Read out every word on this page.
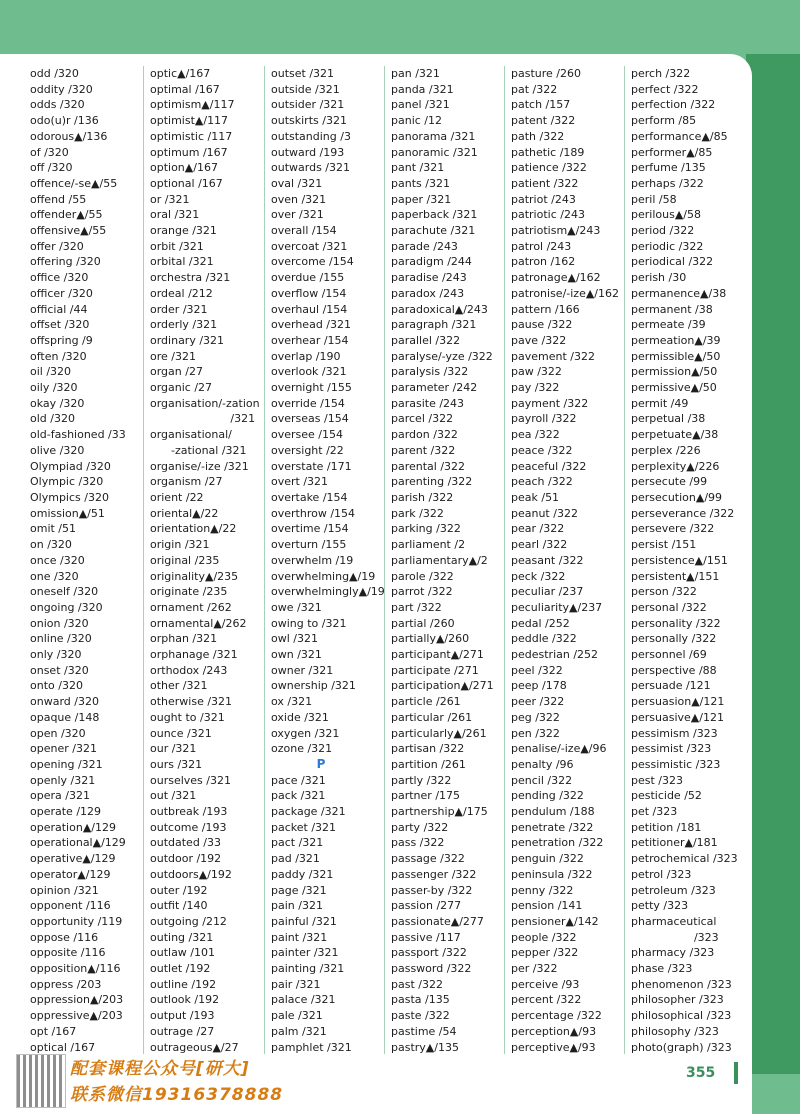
odd /320
oddity /320
odds /320
odo(u)r /136
odorous▲/136
of /320
off /320
offence/-se▲/55
offend /55
offender▲/55
offensive▲/55
offer /320
offering /320
office /320
officer /320
official /44
offset /320
offspring /9
often /320
oil /320
oily /320
okay /320
old /320
old-fashioned /33
olive /320
Olympiad /320
Olympic /320
Olympics /320
omission▲/51
omit /51
on /320
once /320
one /320
oneself /320
ongoing /320
onion /320
online /320
only /320
onset /320
onto /320
onward /320
opaque /148
open /320
opener /321
opening /321
openly /321
opera /321
operate /129
operation▲/129
operational▲/129
operative▲/129
operator▲/129
opinion /321
opponent /116
opportunity /119
oppose /116
opposite /116
opposition▲/116
oppress /203
oppression▲/203
oppressive▲/203
opt /167
optical /167
optic▲/167
optimal /167
optimism▲/117
optimist▲/117
optimistic /117
optimum /167
option▲/167
optional /167
or /321
oral /321
orange /321
orbit /321
orbital /321
orchestra /321
ordeal /212
order /321
orderly /321
ordinary /321
ore /321
organ /27
organic /27
organisation/-zation
/321
organisational/
-zational /321
organise/-ize /321
organism /27
orient /22
oriental▲/22
orientation▲/22
origin /321
original /235
originality▲/235
originate /235
ornament /262
ornamental▲/262
orphan /321
orphanage /321
orthodox /243
other /321
otherwise /321
ought to /321
ounce /321
our /321
ours /321
ourselves /321
out /321
outbreak /193
outcome /193
outdated /33
outdoor /192
outdoors▲/192
outer /192
outfit /140
outgoing /212
outing /321
outlaw /101
outlet /192
outline /192
outlook /192
output /193
outrage /27
outrageous▲/27
outset /321
outside /321
outsider /321
outskirts /321
outstanding /3
outward /193
outwards /321
oval /321
oven /321
over /321
overall /154
overcoat /321
overcome /154
overdue /155
overflow /154
overhaul /154
overhead /321
overhear /154
overlap /190
overlook /321
overnight /155
override /154
overseas /154
oversee /154
oversight /22
overstate /171
overt /321
overtake /154
overthrow /154
overtime /154
overturn /155
overwhelm /19
overwhelming▲/19
overwhelmingly▲/19
owe /321
owing to /321
owl /321
own /321
owner /321
ownership /321
ox /321
oxide /321
oxygen /321
ozone /321
P
pace /321
pack /321
package /321
packet /321
pact /321
pad /321
paddy /321
page /321
pain /321
painful /321
paint /321
painter /321
painting /321
pair /321
palace /321
pale /321
palm /321
pamphlet /321
pan /321
panda /321
panel /321
panic /12
panorama /321
panoramic /321
pant /321
pants /321
paper /321
paperback /321
parachute /321
parade /243
paradigm /244
paradise /243
paradox /243
paradoxical▲/243
paragraph /321
parallel /322
paralyse/-yze /322
paralysis /322
parameter /242
parasite /243
parcel /322
pardon /322
parent /322
parental /322
parenting /322
parish /322
park /322
parking /322
parliament /2
parliamentary▲/2
parole /322
parrot /322
part /322
partial /260
partially▲/260
participant▲/271
participate /271
participation▲/271
particle /261
particular /261
particularly▲/261
partisan /322
partition /261
partly /322
partner /175
partnership▲/175
party /322
pass /322
passage /322
passenger /322
passer-by /322
passion /277
passionate▲/277
passive /117
passport /322
password /322
past /322
pasta /135
paste /322
pastime /54
pastry▲/135
pasture /260
pat /322
patch /157
patent /322
path /322
pathetic /189
patience /322
patient /322
patriot /243
patriotic /243
patriotism▲/243
patrol /243
patron /162
patronage▲/162
patronise/-ize▲/162
pattern /166
pause /322
pave /322
pavement /322
paw /322
pay /322
payment /322
payroll /322
pea /322
peace /322
peaceful /322
peach /322
peak /51
peanut /322
pear /322
pearl /322
peasant /322
peck /322
peculiar /237
peculiarity▲/237
pedal /252
peddle /322
pedestrian /252
peel /322
peep /178
peer /322
peg /322
pen /322
penalise/-ize▲/96
penalty /96
pencil /322
pending /322
pendulum /188
penetrate /322
penetration /322
penguin /322
peninsula /322
penny /322
pension /141
pensioner▲/142
people /322
pepper /322
per /322
perceive /93
percent /322
percentage /322
perception▲/93
perceptive▲/93
perch /322
perfect /322
perfection /322
perform /85
performance▲/85
performer▲/85
perfume /135
perhaps /322
peril /58
perilous▲/58
period /322
periodic /322
periodical /322
perish /30
permanence▲/38
permanent /38
permeate /39
permeation▲/39
permissible▲/50
permission▲/50
permissive▲/50
permit /49
perpetual /38
perpetuate▲/38
perplex /226
perplexity▲/226
persecute /99
persecution▲/99
perseverance /322
persevere /322
persist /151
persistence▲/151
persistent▲/151
person /322
personal /322
personality /322
personally /322
personnel /69
perspective /88
persuade /121
persuasion▲/121
persuasive▲/121
pessimism /323
pessimist /323
pessimistic /323
pest /323
pesticide /52
pet /323
petition /181
petitioner▲/181
petrochemical /323
petrol /323
petroleum /323
petty /323
pharmaceutical
/323
pharmacy /323
phase /323
phenomenon /323
philosopher /323
philosophical /323
philosophy /323
photo(graph) /323
配套课程公众号[研大]
联系微信19316378888
355
